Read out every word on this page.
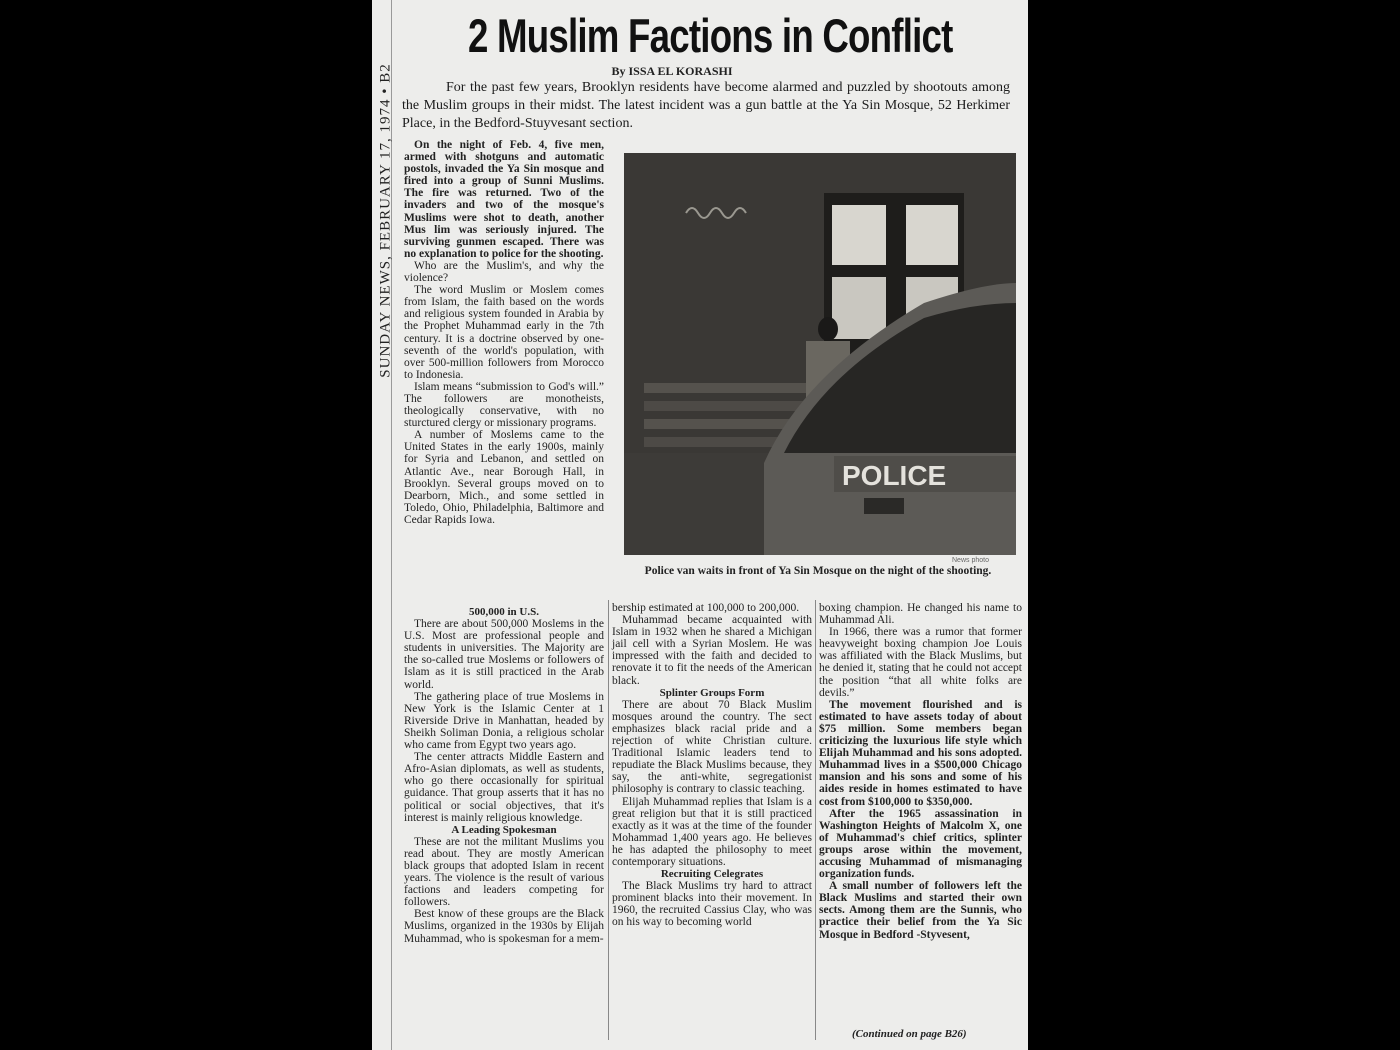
SUNDAY NEWS, FEBRUARY 17, 1974 • B2
2 Muslim Factions in Conflict
By ISSA EL KORASHI

For the past few years, Brooklyn residents have become alarmed and puzzled by shootouts among the Muslim groups in their midst. The latest incident was a gun battle at the Ya Sin Mosque, 52 Herkimer Place, in the Bedford-Stuyvesant section.

On the night of Feb. 4, five men, armed with shotguns and automatic postols, invaded the Ya Sin mosque and fired into a group of Sunni Muslims. The fire was returned. Two of the invaders and two of the mosque's Muslims were shot to death, another Mus lim was seriously injured. The surviving gunmen escaped. There was no explanation to police for the shooting.

Who are the Muslim's, and why the violence?

The word Muslim or Moslem comes from Islam, the faith based on the words and religious system founded in Arabia by the Prophet Muhammad early in the 7th century. It is a doctrine observed by one-seventh of the world's population, with over 500-million followers from Morocco to Indonesia.

Islam means “submission to God's will.” The followers are monotheists, theologically conservative, with no sturctured clergy or missionary programs.

A number of Moslems came to the United States in the early 1900s, mainly for Syria and Lebanon, and settled on Atlantic Ave., near Borough Hall, in Brooklyn. Several groups moved on to Dearborn, Mich., and some settled in Toledo, Ohio, Philadelphia, Baltimore and Cedar Rapids Iowa.

500,000 in U.S.

There are about 500,000 Moslems in the U.S. Most are professional people and students in universities. The Majority are the so-called true Moslems or followers of Islam as it is still practiced in the Arab world.

The gathering place of true Moslems in New York is the Islamic Center at 1 Riverside Drive in Manhattan, headed by Sheikh Soliman Donia, a religious scholar who came from Egypt two years ago.

The center attracts Middle Eastern and Afro-Asian diplomats, as well as students, who go there occasionally for spiritual guidance. That group asserts that it has no political or social objectives, that it's interest is mainly religious knowledge.

A Leading Spokesman

These are not the militant Muslims you read about. They are mostly American black groups that adopted Islam in recent years. The violence is the result of various factions and leaders competing for followers.

Best know of these groups are the Black Muslims, organized in the 1930s by Elijah Muhammad, who is spokesman for a mem-

bership estimated at 100,000 to 200,000.

Muhammad became acquainted with Islam in 1932 when he shared a Michigan jail cell with a Syrian Moslem. He was impressed with the faith and decided to renovate it to fit the needs of the American black.

Splinter Groups Form

There are about 70 Black Muslim mosques around the country. The sect emphasizes black racial pride and a rejection of white Christian culture. Traditional Islamic leaders tend to repudiate the Black Muslims because, they say, the anti-white, segregationist philosophy is contrary to classic teaching.

Elijah Muhammad replies that Islam is a great religion but that it is still practiced exactly as it was at the time of the founder Mohammad 1,400 years ago. He believes he has adapted the philosophy to meet contemporary situations.

Recruiting Celegrates

The Black Muslims try hard to attract prominent blacks into their movement. In 1960, the recruited Cassius Clay, who was on his way to becoming world

boxing champion. He changed his name to Muhammad Ali.

In 1966, there was a rumor that former heavyweight boxing champion Joe Louis was affiliated with the Black Muslims, but he denied it, stating that he could not accept the position “that all white folks are devils.”

The movement flourished and is estimated to have assets today of about $75 million. Some members began criticizing the luxurious life style which Elijah Muhammad and his sons adopted. Muhammad lives in a $500,000 Chicago mansion and his sons and some of his aides reside in homes estimated to have cost from $100,000 to $350,000.

After the 1965 assassination in Washington Heights of Malcolm X, one of Muhammad's chief critics, splinter groups arose within the movement, accusing Muhammad of mismanaging organization funds.

A small number of followers left the Black Muslims and started their own sects. Among them are the Sunnis, who practice their belief from the Ya Sic Mosque in Bedford -Styvesent,

POLICE
News photo
Police van waits in front of Ya Sin Mosque on the night of the shooting.
(Continued on page B26)
